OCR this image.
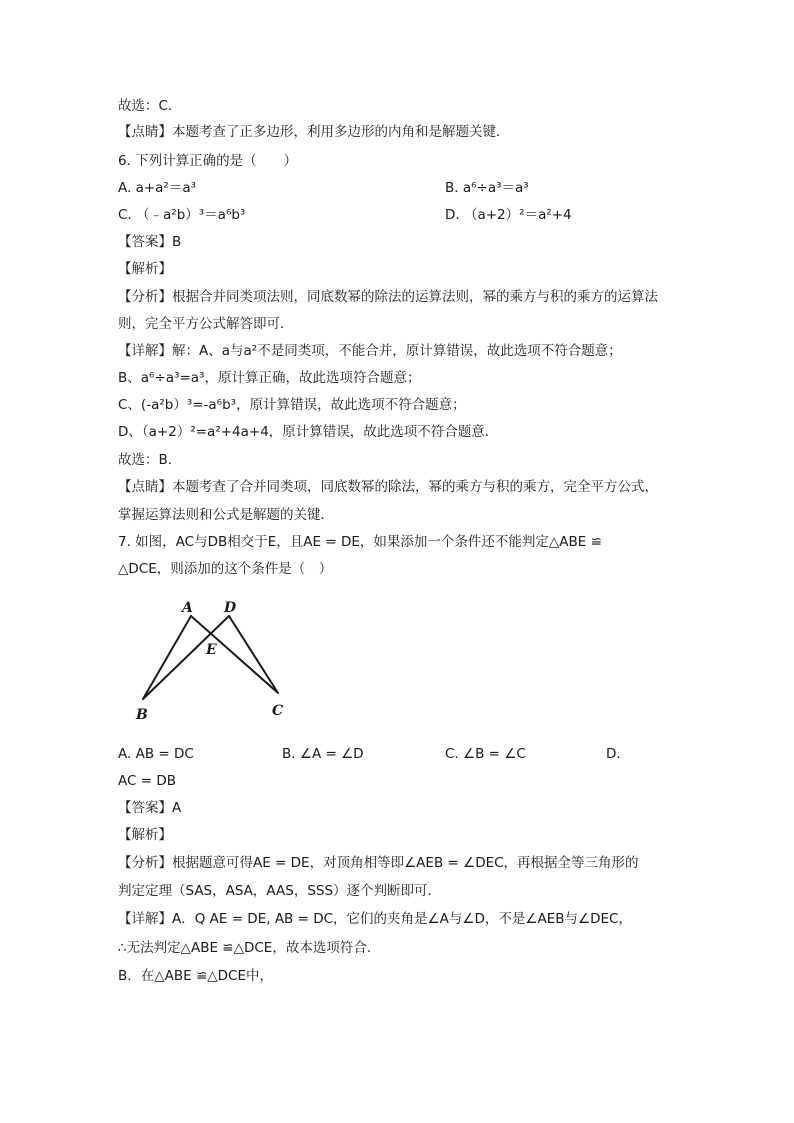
故选：C．
【点睛】本题考查了正多边形，利用多边形的内角和是解题关键．
6. 下列计算正确的是（　　）
A. a+a²＝a³	B. a⁶÷a³＝a³
C. （﹣a²b）³＝a⁶b³	D. （a+2）²＝a²+4
【答案】B
【解析】
【分析】根据合并同类项法则，同底数幂的除法的运算法则，幂的乘方与积的乘方的运算法
则，完全平方公式解答即可．
【详解】解：A、a与a²不是同类项，不能合并，原计算错误，故此选项不符合题意；
B、a⁶÷a³=a³，原计算正确，故此选项符合题意；
C、(-a²b）³=-a⁶b³，原计算错误，故此选项不符合题意；
D、（a+2）²=a²+4a+4，原计算错误，故此选项不符合题意．
故选：B．
【点睛】本题考查了合并同类项，同底数幂的除法，幂的乘方与积的乘方，完全平方公式，
掌握运算法则和公式是解题的关键．
7. 如图，AC与DB相交于E，且AE = DE，如果添加一个条件还不能判定△ABE ≌
△DCE，则添加的这个条件是（　）
A D
E
B	C
A. AB = DC	B. ∠A = ∠D	C. ∠B = ∠C	D.
AC = DB
【答案】A
【解析】
【分析】根据题意可得AE = DE，对顶角相等即∠AEB = ∠DEC，再根据全等三角形的
判定定理（SAS，ASA，AAS，SSS）逐个判断即可．
【详解】A．Q AE = DE, AB = DC，它们的夹角是∠A与∠D，不是∠AEB与∠DEC，
∴无法判定△ABE ≌△DCE，故本选项符合.
B．在△ABE ≌△DCE中，
